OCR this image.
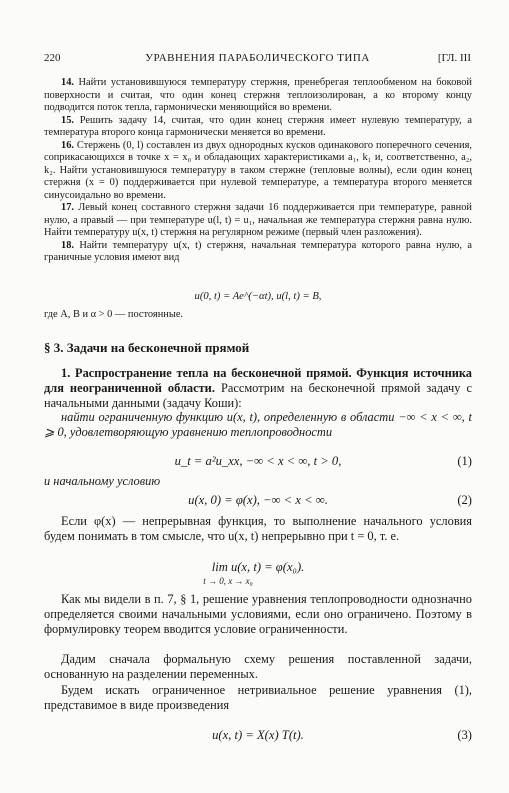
220	УРАВНЕНИЯ ПАРАБОЛИЧЕСКОГО ТИПА	[ГЛ. III

14. Найти установившуюся температуру стержня, пренебрегая теплообменом на боковой поверхности и считая, что один конец стержня теплоизолирован, а ко второму концу подводится поток тепла, гармонически меняющийся во времени.

15. Решить задачу 14, считая, что один конец стержня имеет нулевую температуру, а температура второго конца гармонически меняется во времени.

16. Стержень (0, l) составлен из двух однородных кусков одинакового поперечного сечения, соприкасающихся в точке x = x₀ и обладающих характеристиками a₁, k₁ и, соответственно, a₂, k₂. Найти установившуюся температуру в таком стержне (тепловые волны), если один конец стержня (x = 0) поддерживается при нулевой температуре, а температура второго меняется синусоидально во времени.

17. Левый конец составного стержня задачи 16 поддерживается при температуре, равной нулю, а правый — при температуре u(l, t) = u₁, начальная же температура стержня равна нулю. Найти температуру u(x, t) стержня на регулярном режиме (первый член разложения).

18. Найти температуру u(x, t) стержня, начальная температура которого равна нулю, а граничные условия имеют вид

u(0, t) = Ae^(−αt), u(l, t) = B,
где A, B и α > 0 — постоянные.
§ 3. Задачи на бесконечной прямой

1. Распространение тепла на бесконечной прямой. Функция источника для неограниченной области. Рассмотрим на бесконечной прямой задачу с начальными данными (задачу Коши):

найти ограниченную функцию u(x, t), определенную в области −∞ < x < ∞, t ⩾ 0, удовлетворяющую уравнению теплопроводности

u_t = a²u_xx, −∞ < x < ∞, t > 0,	(1)
и начальному условию
u(x, 0) = φ(x), −∞ < x < ∞.	(2)

Если φ(x) — непрерывная функция, то выполнение начального условия будем понимать в том смысле, что u(x, t) непрерывно при t = 0, т. е.

lim u(x, t) = φ(x₀).
t → 0, x → x₀

Как мы видели в п. 7, § 1, решение уравнения теплопроводности однозначно определяется своими начальными условиями, если оно ограничено. Поэтому в формулировку теорем вводится условие ограниченности.

Дадим сначала формальную схему решения поставленной задачи, основанную на разделении переменных.

Будем искать ограниченное нетривиальное решение уравнения (1), представимое в виде произведения

u(x, t) = X(x) T(t).	(3)
